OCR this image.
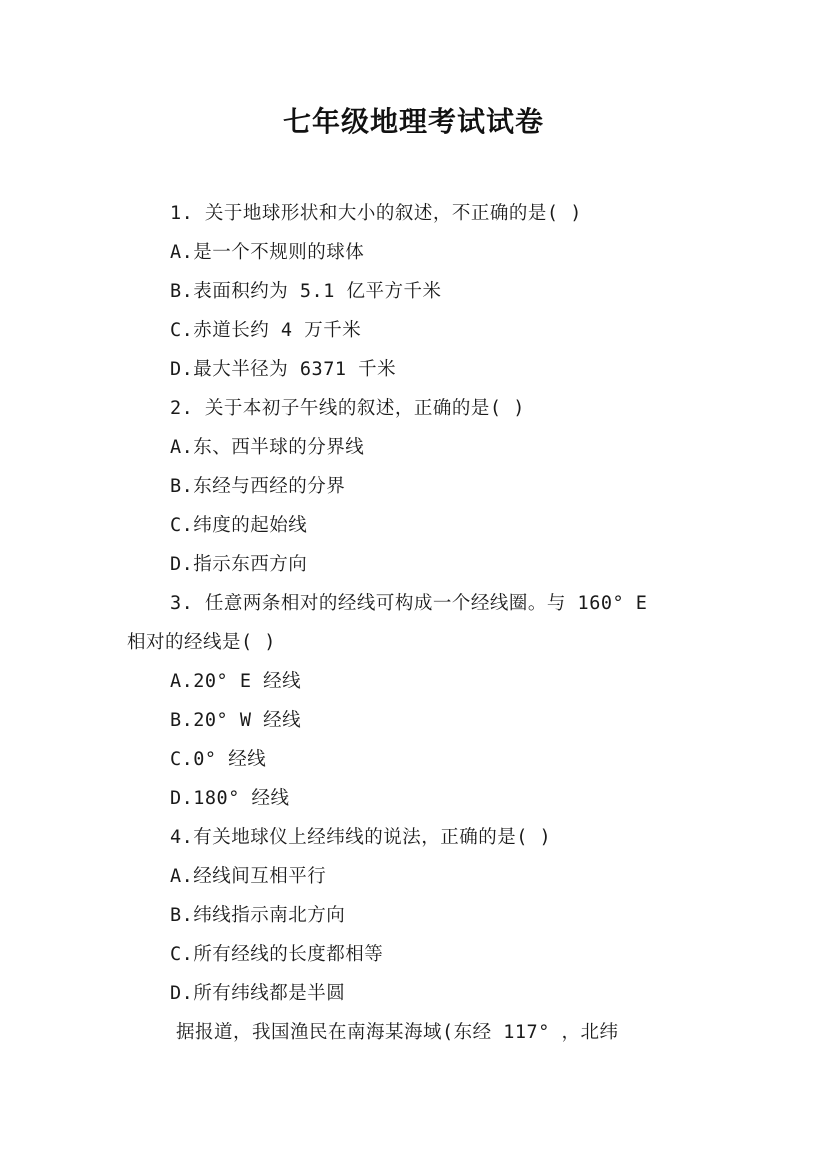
七年级地理考试试卷
1. 关于地球形状和大小的叙述，不正确的是( )
A.是一个不规则的球体
B.表面积约为 5.1 亿平方千米
C.赤道长约 4 万千米
D.最大半径为 6371 千米
2. 关于本初子午线的叙述，正确的是( )
A.东、西半球的分界线
B.东经与西经的分界
C.纬度的起始线
D.指示东西方向
3. 任意两条相对的经线可构成一个经线圈。与 160° E
相对的经线是( )
A.20° E 经线
B.20° W 经线
C.0° 经线
D.180° 经线
4.有关地球仪上经纬线的说法，正确的是( )
A.经线间互相平行
B.纬线指示南北方向
C.所有经线的长度都相等
D.所有纬线都是半圆
据报道，我国渔民在南海某海域(东经 117° ，北纬
